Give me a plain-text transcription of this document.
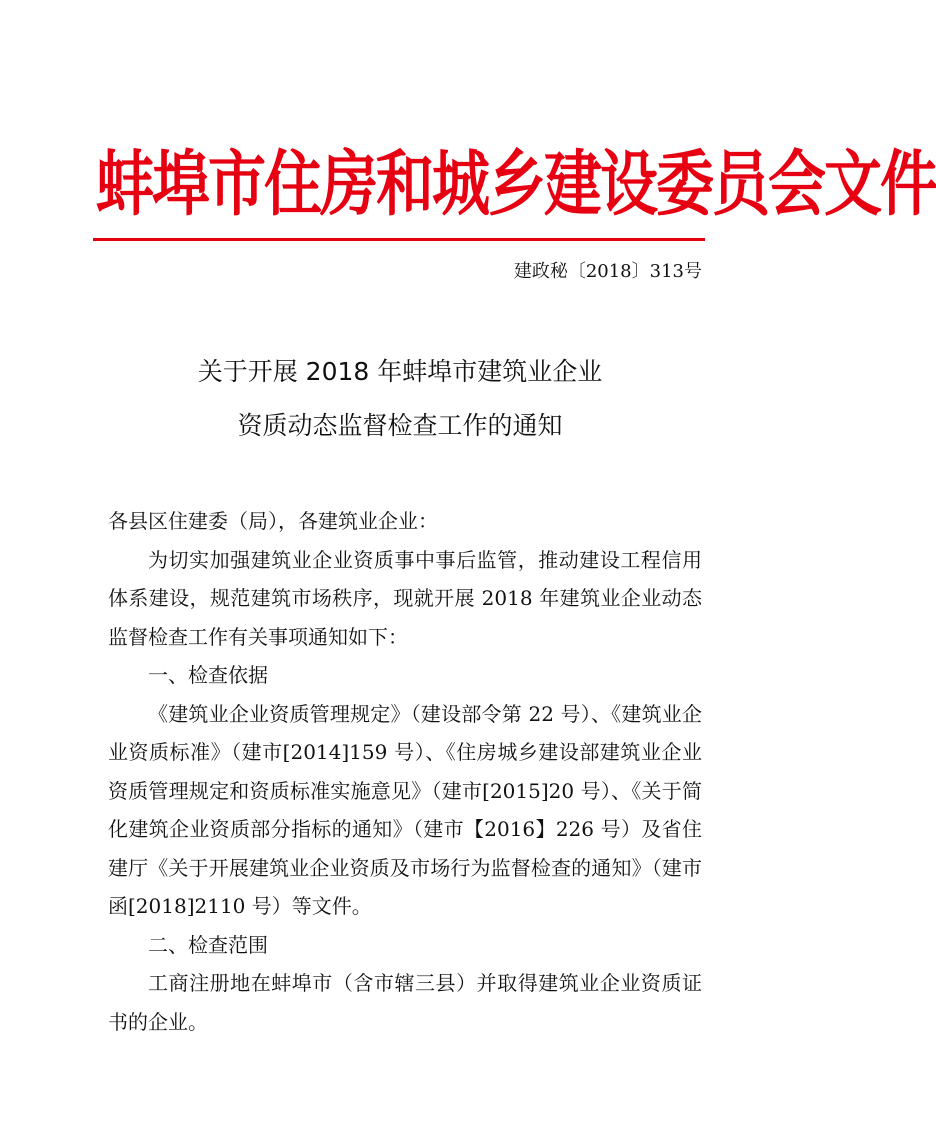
蚌埠市住房和城乡建设委员会文件
建政秘〔2018〕313号
关于开展 2018 年蚌埠市建筑业企业
资质动态监督检查工作的通知

各县区住建委（局），各建筑业企业：

为切实加强建筑业企业资质事中事后监管，推动建设工程信用体系建设，规范建筑市场秩序，现就开展 2018 年建筑业企业动态监督检查工作有关事项通知如下：

一、检查依据

《建筑业企业资质管理规定》（建设部令第 22 号）、《建筑业企业资质标准》（建市[2014]159 号）、《住房城乡建设部建筑业企业资质管理规定和资质标准实施意见》（建市[2015]20 号）、《关于简化建筑企业资质部分指标的通知》（建市【2016】226 号）及省住建厅《关于开展建筑业企业资质及市场行为监督检查的通知》（建市函[2018]2110 号）等文件。

二、检查范围

工商注册地在蚌埠市（含市辖三县）并取得建筑业企业资质证书的企业。
